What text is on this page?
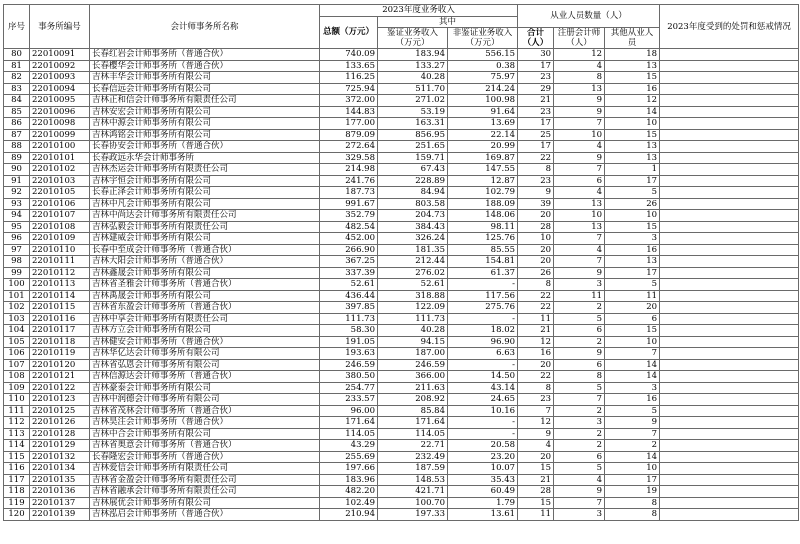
序号	事务所编号	会计师事务所名称	2023年度业务收入			从业人员数量（人）			2023年度受到的处罚和惩戒情况
			总额（万元）	其中					
				鉴证业务收入（万元）	非鉴证业务收入（万元）	合计（人）	注册会计师（人）	其他从业人员	
80	22010091	长春红岩会计师事务所（普通合伙）	740.09	183.94	556.15	30	12	18	
81	22010092	长春樱华会计师事务所（普通合伙）	133.65	133.27	0.38	17	4	13	
82	22010093	吉林丰华会计师事务所有限公司	116.25	40.28	75.97	23	8	15	
83	22010094	长春信远会计师事务所有限公司	725.94	511.70	214.24	29	13	16	
84	22010095	吉林正和信会计师事务所有限责任公司	372.00	271.02	100.98	21	9	12	
85	22010096	吉林安宏会计师事务所有限公司	144.83	53.19	91.64	23	9	14	
86	22010098	吉林中源会计师事务所有限公司	177.00	163.31	13.69	17	7	10	
87	22010099	吉林鸿铭会计师事务所有限公司	879.09	856.95	22.14	25	10	15	
88	22010100	长春协安会计师事务所（普通合伙）	272.64	251.65	20.99	17	4	13	
89	22010101	长春政远永华会计师事务所	329.58	159.71	169.87	22	9	13	
90	22010102	吉林杰运会计师事务所有限责任公司	214.98	67.43	147.55	8	7	1	
91	22010103	吉林宇恒会计师事务所有限公司	241.76	228.89	12.87	23	6	17	
92	22010105	长春正泽会计师事务所有限公司	187.73	84.94	102.79	9	4	5	
93	22010106	吉林中凡会计师事务所有限公司	991.67	803.58	188.09	39	13	26	
94	22010107	吉林中尚达会计师事务所有限责任公司	352.79	204.73	148.06	20	10	10	
95	22010108	吉林弘毅会计师事务所有限责任公司	482.54	384.43	98.11	28	13	15	
96	22010109	吉林建威会计师事务所有限公司	452.00	326.24	125.76	10	7	3	
97	22010110	长春中至成会计师事务所（普通合伙）	266.90	181.35	85.55	20	4	16	
98	22010111	吉林大阳会计师事务所（普通合伙）	367.25	212.44	154.81	20	7	13	
99	22010112	吉林鑫晟会计师事务所有限公司	337.39	276.02	61.37	26	9	17	
100	22010113	吉林省圣雅会计师事务所（普通合伙）	52.61	52.61	-	8	3	5	
101	22010114	吉林禹晟会计师事务所有限公司	436.44	318.88	117.56	22	11	11	
102	22010115	吉林省东盈会计师事务所（普通合伙）	397.85	122.09	275.76	22	2	20	
103	22010116	吉林中享会计师事务所有限责任公司	111.73	111.73	-	11	5	6	
104	22010117	吉林方立会计师事务所有限公司	58.30	40.28	18.02	21	6	15	
105	22010118	吉林健安会计师事务所（普通合伙）	191.05	94.15	96.90	12	2	10	
106	22010119	吉林华亿达会计师事务所有限公司	193.63	187.00	6.63	16	9	7	
107	22010120	吉林省弘恩会计师事务所有限公司	246.59	246.59	-	20	6	14	
108	22010121	吉林信源达会计师事务所（普通合伙）	380.50	366.00	14.50	22	8	14	
109	22010122	吉林豪泰会计师事务所有限公司	254.77	211.63	43.14	8	5	3	
110	22010123	吉林中润德会计师事务所有限公司	233.57	208.92	24.65	23	7	16	
111	22010125	吉林省茂林会计师事务所（普通合伙）	96.00	85.84	10.16	7	2	5	
112	22010126	吉林昊注会计师事务所（普通合伙）	171.64	171.64	-	12	3	9	
113	22010128	吉林中合会计师事务所有限公司	114.05	114.05	-	9	2	7	
114	22010129	吉林省奥意会计师事务所（普通合伙）	43.29	22.71	20.58	4	2	2	
115	22010132	长春隆宏会计师事务所（普通合伙）	255.69	232.49	23.20	20	6	14	
116	22010134	吉林爱信会计师事务所有限责任公司	197.66	187.59	10.07	15	5	10	
117	22010135	吉林省金盈会计师事务所有限责任公司	183.96	148.53	35.43	21	4	17	
118	22010136	吉林省融承会计师事务所有限责任公司	482.20	421.71	60.49	28	9	19	
119	22010137	吉林展优会计师事务所有限公司	102.49	100.70	1.79	15	7	8	
120	22010139	吉林泓启会计师事务所（普通合伙）	210.94	197.33	13.61	11	3	8	
